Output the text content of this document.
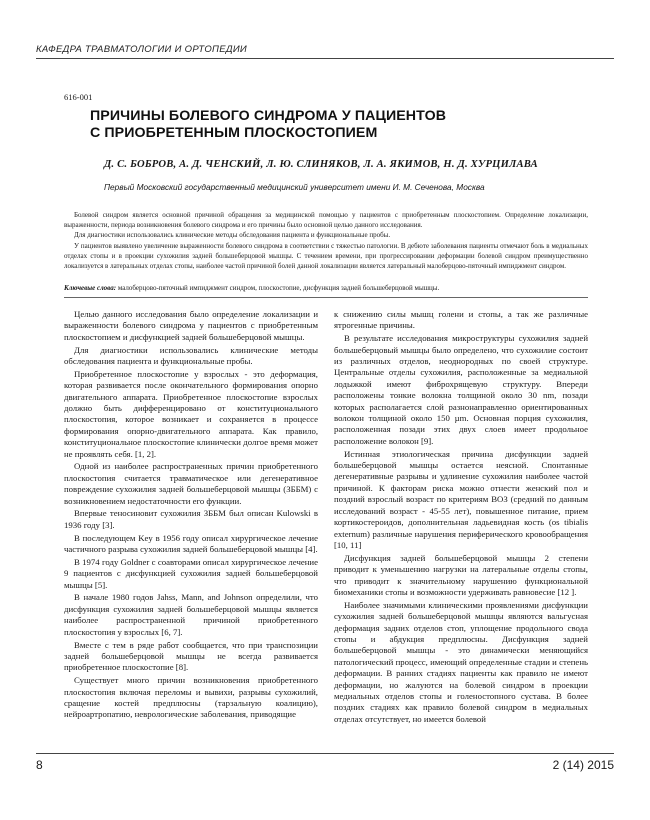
КАФЕДРА ТРАВМАТОЛОГИИ И ОРТОПЕДИИ
616-001
ПРИЧИНЫ БОЛЕВОГО СИНДРОМА У ПАЦИЕНТОВ
С ПРИОБРЕТЕННЫМ ПЛОСКОСТОПИЕМ
Д. С. БОБРОВ, А. Д. ЧЕНСКИЙ, Л. Ю. СЛИНЯКОВ, Л. А. ЯКИМОВ, Н. Д. ХУРЦИЛАВА
Первый Московский государственный медицинский университет имени И. М. Сеченова, Москва

Болевой синдром является основной причиной обращения за медицинской помощью у пациентов с приобретенным плоскостопием. Определение локализации, выраженности, периода возникновения болевого синдрома и его причины было основной целью данного исследования.

Для диагностики использовались клинические методы обследования пациента и функциональные пробы.

У пациентов выявлено увеличение выраженности болевого синдрома в соответствии с тяжестью патологии. В дебюте заболевания пациенты отмечают боль в медиальных отделах стопы и в проекции сухожилия задней большеберцовой мышцы. С течением времени, при прогрессировании деформации болевой синдром преимущественно локализуется в латеральных отделах стопы, наиболее частой причиной болей данной локализации является латеральный малоберцово-пяточный импиджмент синдром.

Ключевые слова: малоберцово-пяточный импиджмент синдром, плоскостопие, дисфункция задней большеберцовой мышцы.

Целью данного исследования было определение локализации и выраженности болевого синдрома у пациентов с приобретенным плоскостопием и дисфункцией задней большеберцовой мышцы.

Для диагностики использовались клинические методы обследования пациента и функциональные пробы.

Приобретенное плоскостопие у взрослых - это деформация, которая развивается после окончательного формирования опорно двигательного аппарата. Приобретенное плоскостопие взрослых должно быть дифференцировано от конституционального плоскостопия, которое возникает и сохраняется в процессе формирования опорно-двигательного аппарата. Как правило, конституциональное плоскостопие клинически долгое время может не проявлять себя. [1, 2].

Одной из наиболее распространенных причин приобретенного плоскостопия считается травматическое или дегенеративное повреждение сухожилия задней большеберцовой мышцы (ЗББМ) с возникновением недостаточности его функции.

Впервые теносиновит сухожилия ЗББМ был описан Kulowski в 1936 году [3].

В последующем Key в 1956 году описал хирургическое лечение частичного разрыва сухожилия задней большеберцовой мышцы [4].

В 1974 году Goldner с соавторами описал хирургическое лечение 9 пациентов с дисфункцией сухожилия задней большеберцовой мышцы [5].

В начале 1980 годов Jahss, Mann, and Johnson определили, что дисфункция сухожилия задней большеберцовой мышцы является наиболее распространенной причиной приобретенного плоскостопия у взрослых [6, 7].

Вместе с тем в ряде работ сообщается, что при транспозиции задней большеберцовой мышцы не всегда развивается приобретенное плоскостопие [8].

Существует много причин возникновения приобретенного плоскостопия включая переломы и вывихи, разрывы сухожилий, сращение костей предплюсны (тарзальную коалицию), нейроартропатию, неврологические заболевания, приводящие

к снижению силы мышц голени и стопы, а так же различные ятрогенные причины.

В результате исследования микроструктуры сухожилия задней большеберцовый мышцы было определено, что сухожилие состоит из различных отделов, неоднородных по своей структуре. Центральные отделы сухожилия, расположенные за медиальной лодыжкой имеют фиброхрящевую структуру. Впереди расположены тонкие волокна толщиной около 30 nm, позади которых располагается слой разнонаправленно ориентированных волокон толщиной около 150 µm. Основная порция сухожилия, расположенная позади этих двух слоев имеет продольное расположение волокон [9].

Истинная этиологическая причина дисфункции задней большеберцовой мышцы остается неясной. Спонтанные дегенеративные разрывы и удлинение сухожилия наиболее частой причиной. К факторам риска можно отнести женский пол и поздний взрослый возраст по критериям ВОЗ (средний по данным исследований возраст - 45-55 лет), повышенное питание, прием кортикостероидов, дополнительная ладьевидная кость (os tibialis externum) различные нарушения периферического кровообращения [10, 11]

Дисфункция задней большеберцовой мышцы 2 степени приводит к уменьшению нагрузки на латеральные отделы стопы, что приводит к значительному нарушению функциональной биомеханики стопы и возможности удерживать равновесие [12 ].

Наиболее значимыми клиническими проявлениями дисфункции сухожилия задней большеберцовой мышцы являются вальгусная деформация задних отделов стоп, уплощение продольного свода стопы и абдукция предплюсны. Дисфункция задней большеберцовой мышцы - это динамически меняющийся патологический процесс, имеющий определенные стадии и степень деформации. В ранних стадиях пациенты как правило не имеют деформации, но жалуются на болевой синдром в проекции медиальных отделов стопы и голеностопного сустава. В более поздних стадиях как правило болевой синдром в медиальных отделах отсутствует, но имеется болевой

8	2 (14) 2015
